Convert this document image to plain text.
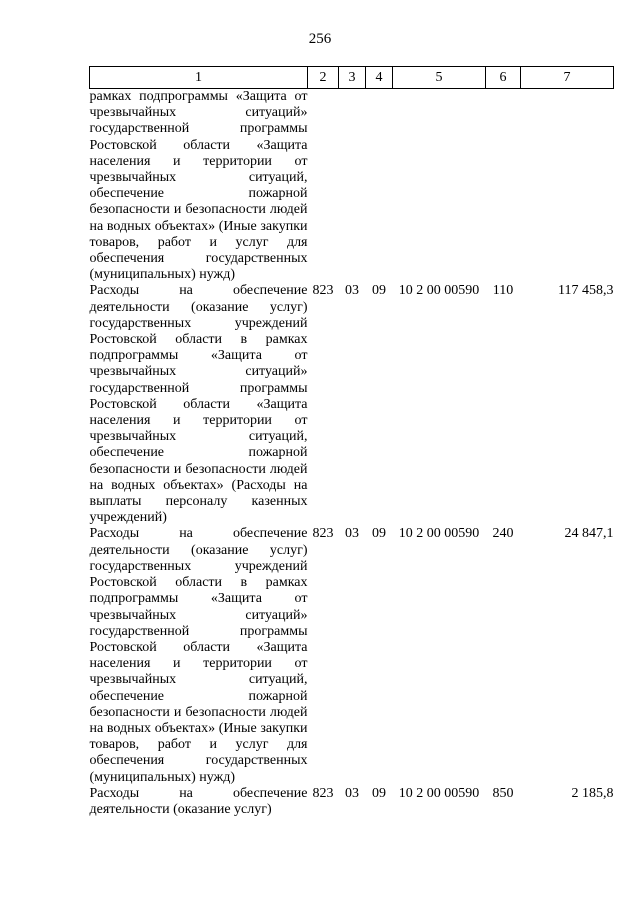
256
1	2	3	4	5	6	7
рамках подпрограммы «Защита от чрезвычайных ситуаций» государственной программы Ростовской области «Защита населения и территории от чрезвычайных ситуаций, обеспечение пожарной безопасности и безопасности людей на водных объектах» (Иные закупки товаров, работ и услуг для обеспечения государственных (муниципальных) нужд)						
Расходы на обеспечение деятельности (оказание услуг) государственных учреждений Ростовской области в рамках подпрограммы «Защита от чрезвычайных ситуаций» государственной программы Ростовской области «Защита населения и территории от чрезвычайных ситуаций, обеспечение пожарной безопасности и безопасности людей на водных объектах» (Расходы на выплаты персоналу казенных учреждений)	823	03	09	10 2 00 00590	110	117 458,3
Расходы на обеспечение деятельности (оказание услуг) государственных учреждений Ростовской области в рамках подпрограммы «Защита от чрезвычайных ситуаций» государственной программы Ростовской области «Защита населения и территории от чрезвычайных ситуаций, обеспечение пожарной безопасности и безопасности людей на водных объектах» (Иные закупки товаров, работ и услуг для обеспечения государственных (муниципальных) нужд)	823	03	09	10 2 00 00590	240	24 847,1
Расходы на обеспечение деятельности (оказание услуг)	823	03	09	10 2 00 00590	850	2 185,8
